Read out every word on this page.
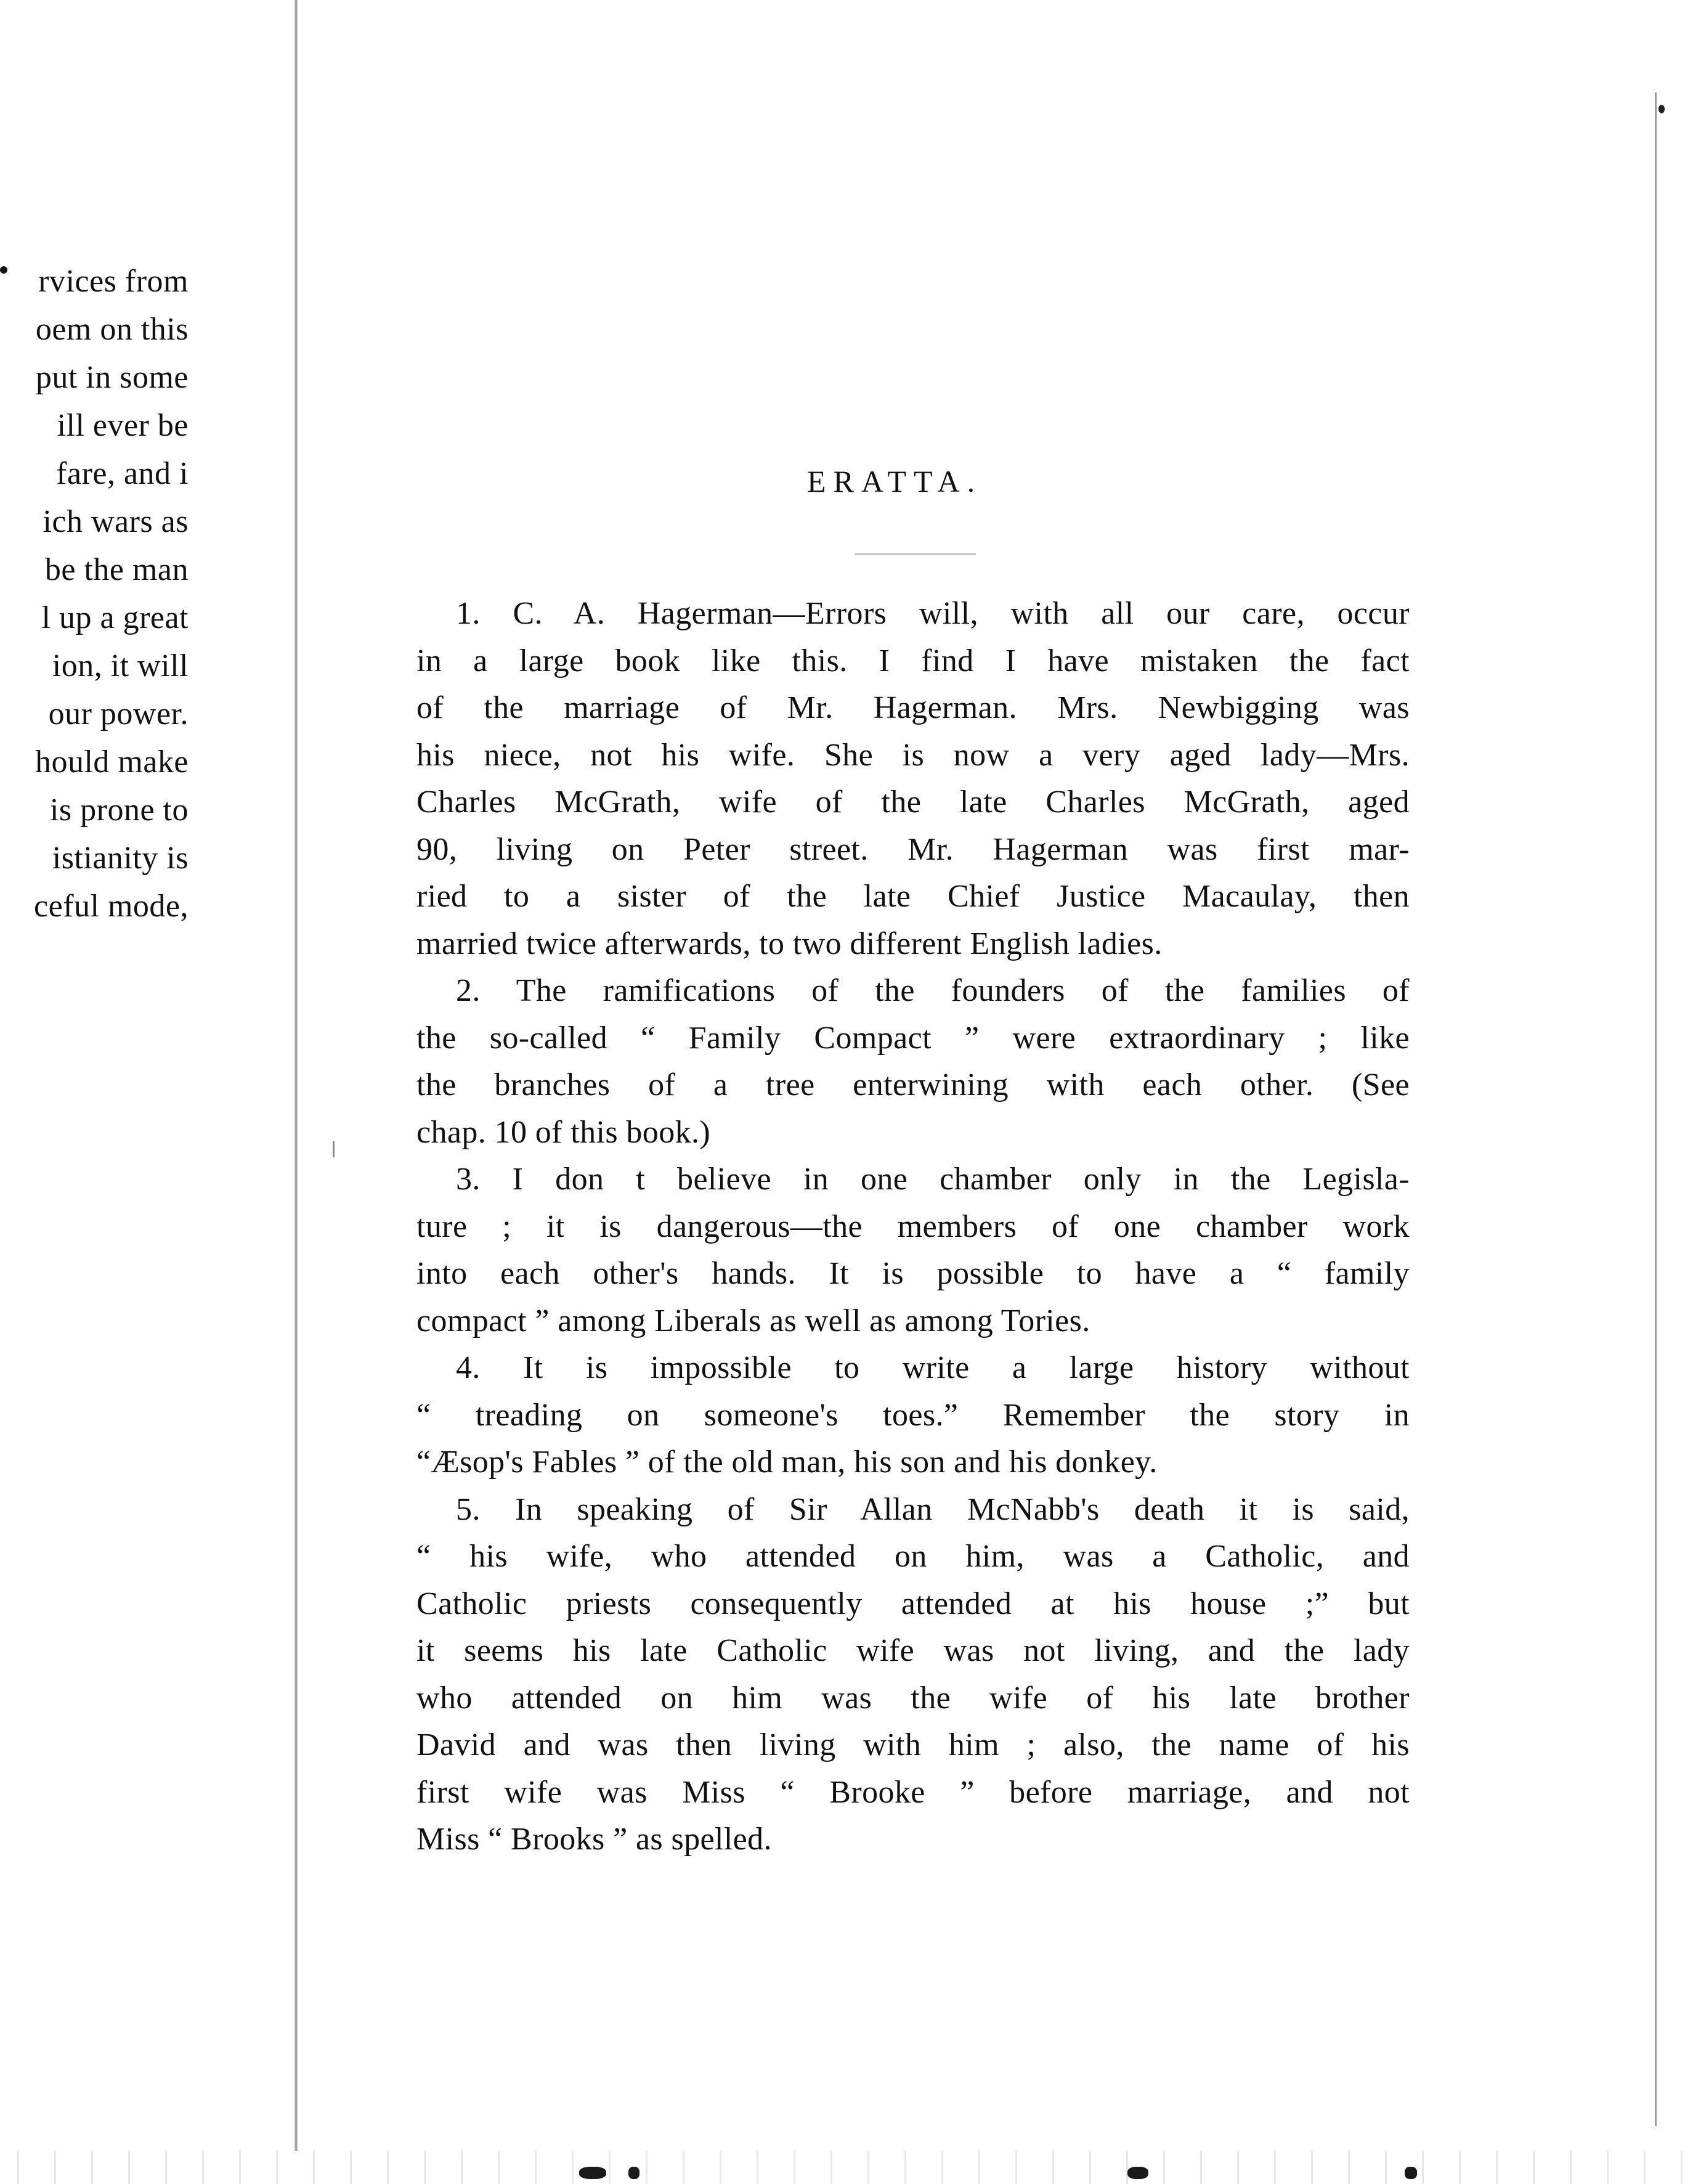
rvices from
oem on this
put in some
ill ever be
fare, and i
ich wars as
be the man
l up a great
ion, it will
our power.
hould make
is prone to
istianity is
ceful mode,
ERATTA.
1. C. A. Hagerman—Errors will, with all our care, occur
in a large book like this. I find I have mistaken the fact
of the marriage of Mr. Hagerman. Mrs. Newbigging was
his niece, not his wife. She is now a very aged lady—Mrs.
Charles McGrath, wife of the late Charles McGrath, aged
90, living on Peter street. Mr. Hagerman was first mar-
ried to a sister of the late Chief Justice Macaulay, then
married twice afterwards, to two different English ladies.
2. The ramifications of the founders of the families of
the so-called “ Family Compact ” were extraordinary ; like
the branches of a tree enterwining with each other. (See
chap. 10 of this book.)
3. I don t believe in one chamber only in the Legisla-
ture ; it is dangerous—the members of one chamber work
into each other's hands. It is possible to have a “ family
compact ” among Liberals as well as among Tories.
4. It is impossible to write a large history without
“ treading on someone's toes.” Remember the story in
“Æsop's Fables ” of the old man, his son and his donkey.
5. In speaking of Sir Allan McNabb's death it is said,
“ his wife, who attended on him, was a Catholic, and
Catholic priests consequently attended at his house ;” but
it seems his late Catholic wife was not living, and the lady
who attended on him was the wife of his late brother
David and was then living with him ; also, the name of his
first wife was Miss “ Brooke ” before marriage, and not
Miss “ Brooks ” as spelled.
